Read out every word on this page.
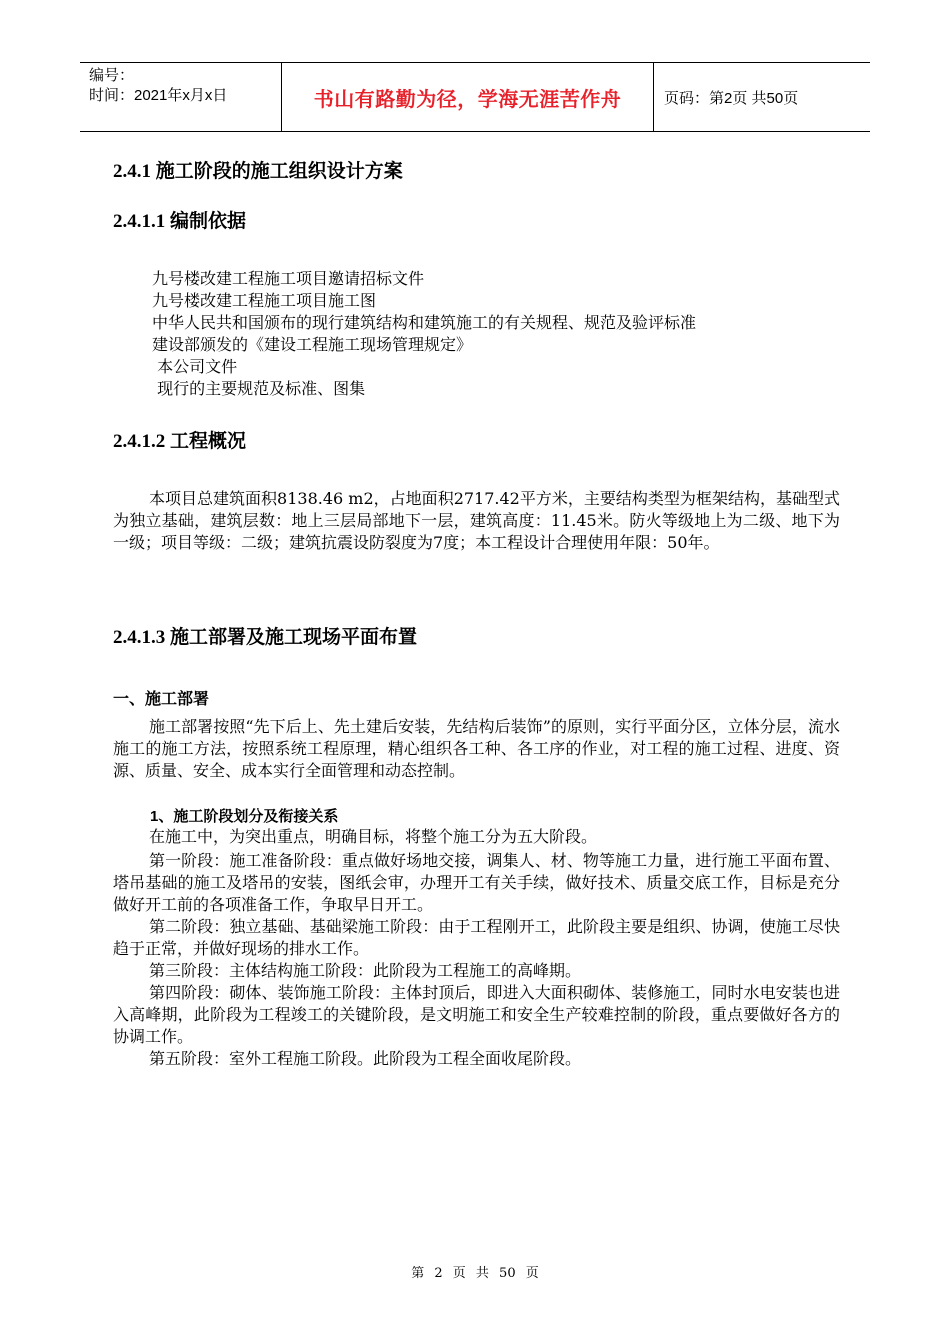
编号：
时间：2021年x月x日	书山有路勤为径，学海无涯苦作舟	页码：第2页 共50页
2.4.1 施工阶段的施工组织设计方案
2.4.1.1 编制依据
九号楼改建工程施工项目邀请招标文件
九号楼改建工程施工项目施工图
中华人民共和国颁布的现行建筑结构和建筑施工的有关规程、规范及验评标准
建设部颁发的《建设工程施工现场管理规定》
本公司文件
现行的主要规范及标准、图集
2.4.1.2 工程概况

本项目总建筑面积8138.46 m2，占地面积2717.42平方米，主要结构类型为框架结构，基础型式为独立基础，建筑层数：地上三层局部地下一层，建筑高度：11.45米。防火等级地上为二级、地下为一级；项目等级：二级；建筑抗震设防裂度为7度；本工程设计合理使用年限：50年。

2.4.1.3 施工部署及施工现场平面布置
一、施工部署

施工部署按照“先下后上、先土建后安装，先结构后装饰”的原则，实行平面分区，立体分层，流水施工的施工方法，按照系统工程原理，精心组织各工种、各工序的作业，对工程的施工过程、进度、资源、质量、安全、成本实行全面管理和动态控制。

1、施工阶段划分及衔接关系

在施工中，为突出重点，明确目标，将整个施工分为五大阶段。

第一阶段：施工准备阶段：重点做好场地交接，调集人、材、物等施工力量，进行施工平面布置、塔吊基础的施工及塔吊的安装，图纸会审，办理开工有关手续，做好技术、质量交底工作，目标是充分做好开工前的各项准备工作，争取早日开工。

第二阶段：独立基础、基础梁施工阶段：由于工程刚开工，此阶段主要是组织、协调，使施工尽快趋于正常，并做好现场的排水工作。

第三阶段：主体结构施工阶段：此阶段为工程施工的高峰期。

第四阶段：砌体、装饰施工阶段：主体封顶后，即进入大面积砌体、装修施工，同时水电安装也进入高峰期，此阶段为工程竣工的关键阶段，是文明施工和安全生产较难控制的阶段，重点要做好各方的协调工作。

第五阶段：室外工程施工阶段。此阶段为工程全面收尾阶段。

第 2 页 共 50 页
